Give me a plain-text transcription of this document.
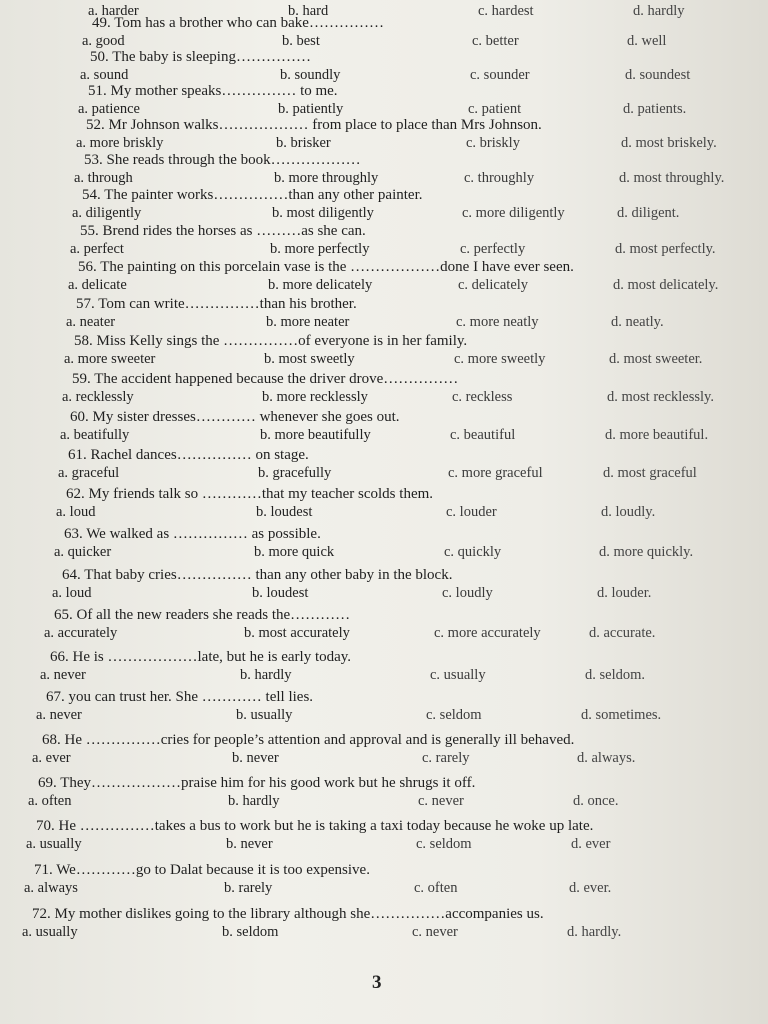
a. harder	b. hard	c. hardest	d. hardly
49. Tom has a brother who can bake……………
a. good	b. best	c. better	d. well
50. The baby is sleeping……………
a. sound	b. soundly	c. sounder	d. soundest
51. My mother speaks…………… to me.
a. patience	b. patiently	c. patient	d. patients.
52. Mr Johnson walks……………… from place to place than Mrs Johnson.
a. more briskly	b. brisker	c. briskly	d. most briskely.
53. She reads through the book………………
a. through	b. more throughly	c. throughly	d. most throughly.
54. The painter works……………than any other painter.
a. diligently	b. most diligently	c. more diligently	d. diligent.
55. Brend rides the horses as ………as she can.
a. perfect	b. more perfectly	c. perfectly	d. most perfectly.
56. The painting on this porcelain vase is the ………………done I have ever seen.
a. delicate	b. more delicately	c. delicately	d. most delicately.
57. Tom can write……………than his brother.
a. neater	b. more neater	c. more neatly	d. neatly.
58. Miss Kelly sings the ……………of everyone is in her family.
a. more sweeter	b. most sweetly	c. more sweetly	d. most sweeter.
59. The accident happened because the driver drove……………
a. recklessly	b. more recklessly	c. reckless	d. most recklessly.
60. My sister dresses………… whenever she goes out.
a. beatifully	b. more beautifully	c. beautiful	d. more beautiful.
61. Rachel dances…………… on stage.
a. graceful	b. gracefully	c. more graceful	d. most graceful
62. My friends talk so …………that my teacher scolds them.
a. loud	b. loudest	c. louder	d. loudly.
63. We walked as …………… as possible.
a. quicker	b. more quick	c. quickly	d. more quickly.
64. That baby cries…………… than any other baby in the block.
a. loud	b. loudest	c. loudly	d. louder.
65. Of all the new readers she reads the…………
a. accurately	b. most accurately	c. more accurately	d. accurate.
66. He is ………………late, but he is early today.
a. never	b. hardly	c. usually	d. seldom.
67. you can trust her. She ………… tell lies.
a. never	b. usually	c. seldom	d. sometimes.
68. He ……………cries for people’s attention and approval and is generally ill behaved.
a. ever	b. never	c. rarely	d. always.
69. They………………praise him for his good work but he shrugs it off.
a. often	b. hardly	c. never	d. once.
70. He ……………takes a bus to work but he is taking a taxi today because he woke up late.
a. usually	b. never	c. seldom	d. ever
71. We…………go to Dalat because it is too expensive.
a. always	b. rarely	c. often	d. ever.
72. My mother dislikes going to the library although she……………accompanies us.
a. usually	b. seldom	c. never	d. hardly.
3
